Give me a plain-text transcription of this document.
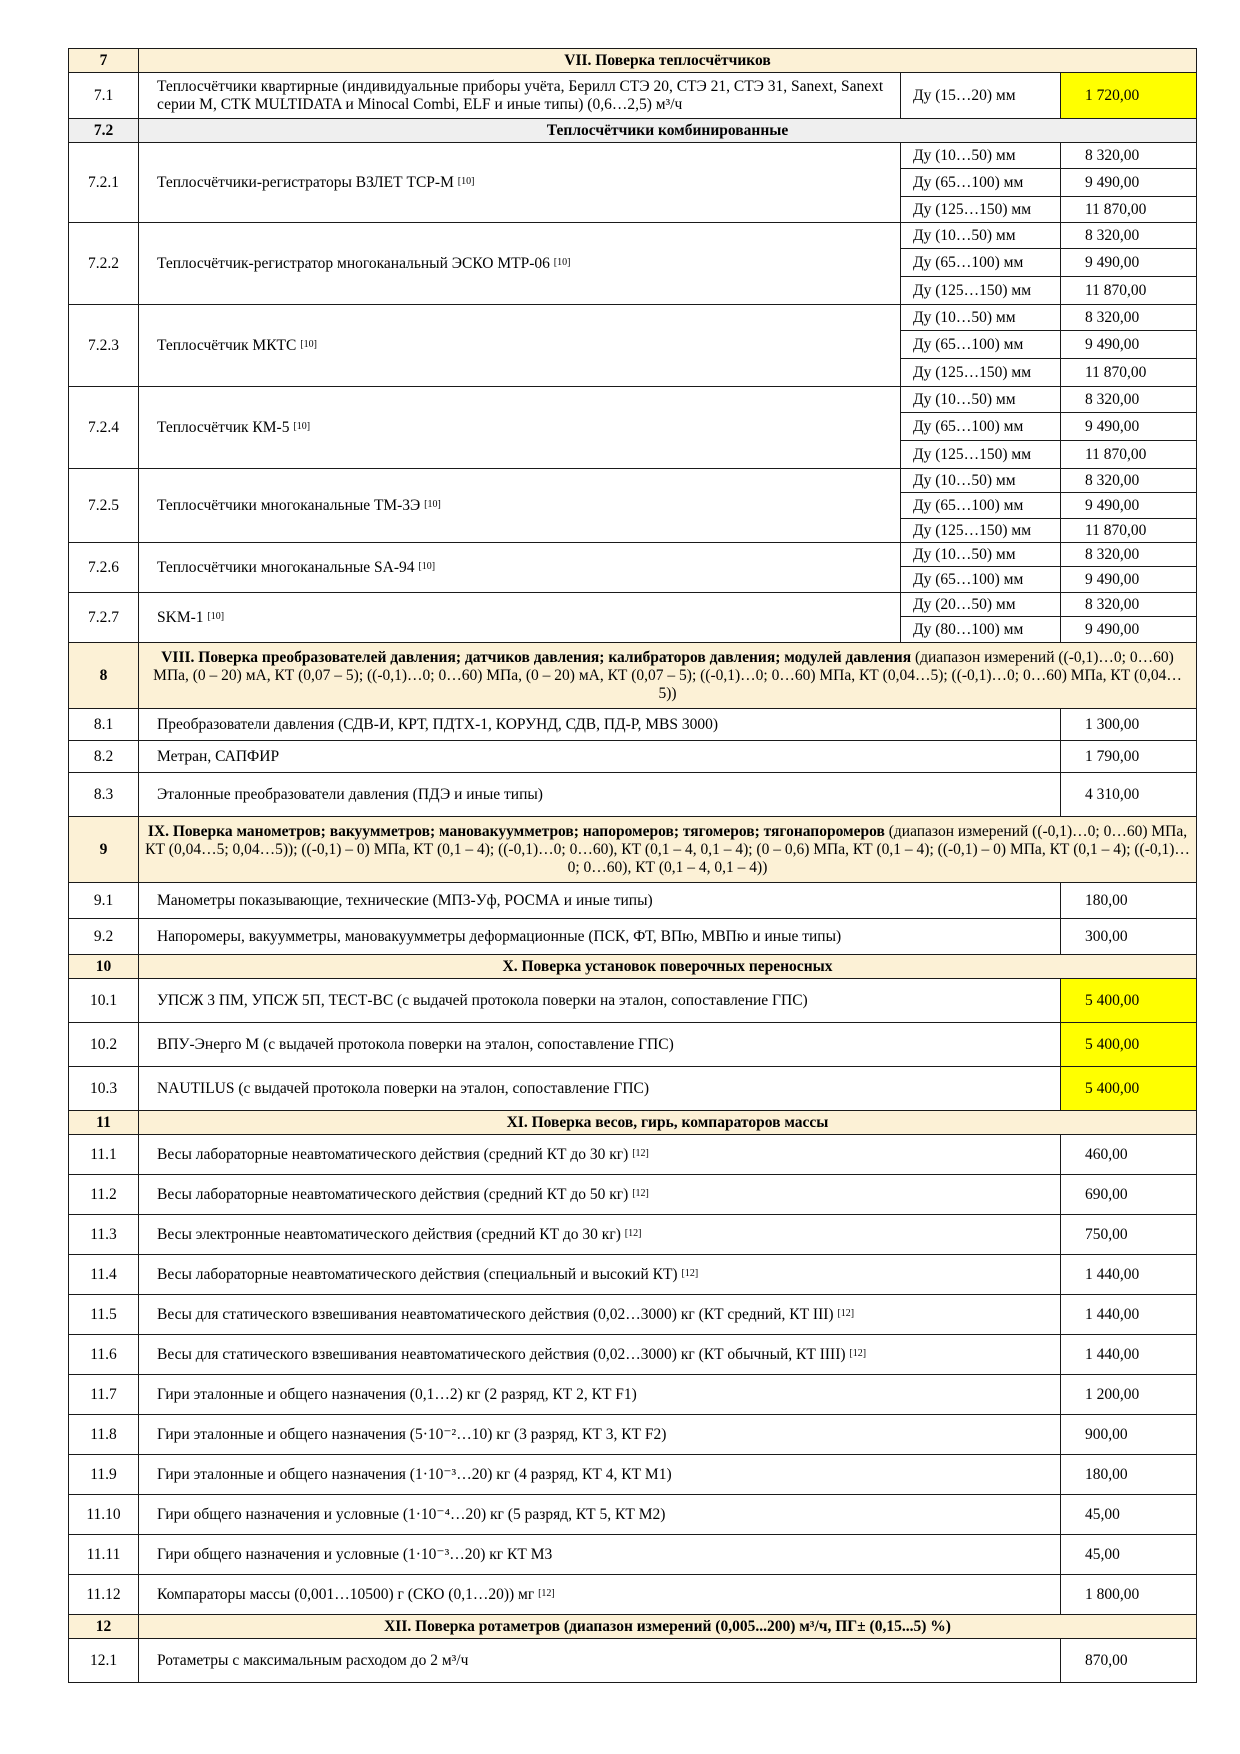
7	VII. Поверка теплосчётчиков		
7.1	Теплосчётчики квартирные (индивидуальные приборы учёта, Берилл СТЭ 20, СТЭ 21, СТЭ 31, Sanext, Sanext серии M, СТК MULTIDATA и Minocal Combi, ELF и иные типы) (0,6…2,5) м³/ч	Ду (15…20) мм	1 720,00
7.2	Теплосчётчики комбинированные		
7.2.1	Теплосчётчики-регистраторы ВЗЛЕТ ТСР-М [10]	Ду (10…50) мм	8 320,00
		Ду (65…100) мм	9 490,00
		Ду (125…150) мм	11 870,00
7.2.2	Теплосчётчик-регистратор многоканальный ЭСКО МТР-06 [10]	Ду (10…50) мм	8 320,00
		Ду (65…100) мм	9 490,00
		Ду (125…150) мм	11 870,00
7.2.3	Теплосчётчик МКТС [10]	Ду (10…50) мм	8 320,00
		Ду (65…100) мм	9 490,00
		Ду (125…150) мм	11 870,00
7.2.4	Теплосчётчик КМ-5 [10]	Ду (10…50) мм	8 320,00
		Ду (65…100) мм	9 490,00
		Ду (125…150) мм	11 870,00
7.2.5	Теплосчётчики многоканальные ТМ-3Э [10]	Ду (10…50) мм	8 320,00
		Ду (65…100) мм	9 490,00
		Ду (125…150) мм	11 870,00
7.2.6	Теплосчётчики многоканальные SA-94 [10]	Ду (10…50) мм	8 320,00
		Ду (65…100) мм	9 490,00
7.2.7	SKM-1 [10]	Ду (20…50) мм	8 320,00
		Ду (80…100) мм	9 490,00
8	VIII. Поверка преобразователей давления; датчиков давления; калибраторов давления; модулей давления (диапазон измерений ((-0,1)…0; 0…60) МПа, (0 – 20) мА, КТ (0,07 – 5); ((-0,1)…0; 0…60) МПа, (0 – 20) мА, КТ (0,07 – 5); ((-0,1)…0; 0…60) МПа, КТ (0,04…5); ((-0,1)…0; 0…60) МПа, КТ (0,04…5))		
8.1	Преобразователи давления (СДВ-И, КРТ, ПДТХ-1, КОРУНД, СДВ, ПД-Р, MBS 3000)		1 300,00
8.2	Метран, САПФИР		1 790,00
8.3	Эталонные преобразователи давления (ПДЭ и иные типы)		4 310,00
9	IX. Поверка манометров; вакуумметров; мановакуумметров; напоромеров; тягомеров; тягонапоромеров (диапазон измерений ((-0,1)…0; 0…60) МПа, КТ (0,04…5; 0,04…5)); ((-0,1) – 0) МПа, КТ (0,1 – 4); ((-0,1)…0; 0…60), КТ (0,1 – 4, 0,1 – 4); (0 – 0,6) МПа, КТ (0,1 – 4); ((-0,1) – 0) МПа, КТ (0,1 – 4); ((-0,1)…0; 0…60), КТ (0,1 – 4, 0,1 – 4))		
9.1	Манометры показывающие, технические (МП3-Уф, РОСМА и иные типы)		180,00
9.2	Напоромеры, вакуумметры, мановакуумметры деформационные (ПСК, ФТ, ВПю, МВПю и иные типы)		300,00
10	X. Поверка установок поверочных переносных		
10.1	УПСЖ 3 ПМ, УПСЖ 5П, ТЕСТ-ВС (с выдачей протокола поверки на эталон, сопоставление ГПС)		5 400,00
10.2	ВПУ-Энерго М (с выдачей протокола поверки на эталон, сопоставление ГПС)		5 400,00
10.3	NAUTILUS (с выдачей протокола поверки на эталон, сопоставление ГПС)		5 400,00
11	XI. Поверка весов, гирь, компараторов массы		
11.1	Весы лабораторные неавтоматического действия (средний КТ до 30 кг) [12]		460,00
11.2	Весы лабораторные неавтоматического действия (средний КТ до 50 кг) [12]		690,00
11.3	Весы электронные неавтоматического действия (средний КТ до 30 кг) [12]		750,00
11.4	Весы лабораторные неавтоматического действия (специальный и высокий КТ) [12]		1 440,00
11.5	Весы для статического взвешивания неавтоматического действия (0,02…3000) кг (КТ средний, КТ III) [12]		1 440,00
11.6	Весы для статического взвешивания неавтоматического действия (0,02…3000) кг (КТ обычный, КТ IIII) [12]		1 440,00
11.7	Гири эталонные и общего назначения (0,1…2) кг (2 разряд, КТ 2, КТ F1)		1 200,00
11.8	Гири эталонные и общего назначения (5·10⁻²…10) кг (3 разряд, КТ 3, КТ F2)		900,00
11.9	Гири эталонные и общего назначения (1·10⁻³…20) кг (4 разряд, КТ 4, КТ M1)		180,00
11.10	Гири общего назначения и условные (1·10⁻⁴…20) кг (5 разряд, КТ 5, КТ M2)		45,00
11.11	Гири общего назначения и условные (1·10⁻³…20) кг КТ М3		45,00
11.12	Компараторы массы (0,001…10500) г (СКО (0,1…20)) мг [12]		1 800,00
12	XII. Поверка ротаметров (диапазон измерений (0,005...200) м³/ч, ПГ± (0,15...5) %)		
12.1	Ротаметры с максимальным расходом до 2 м³/ч		870,00
